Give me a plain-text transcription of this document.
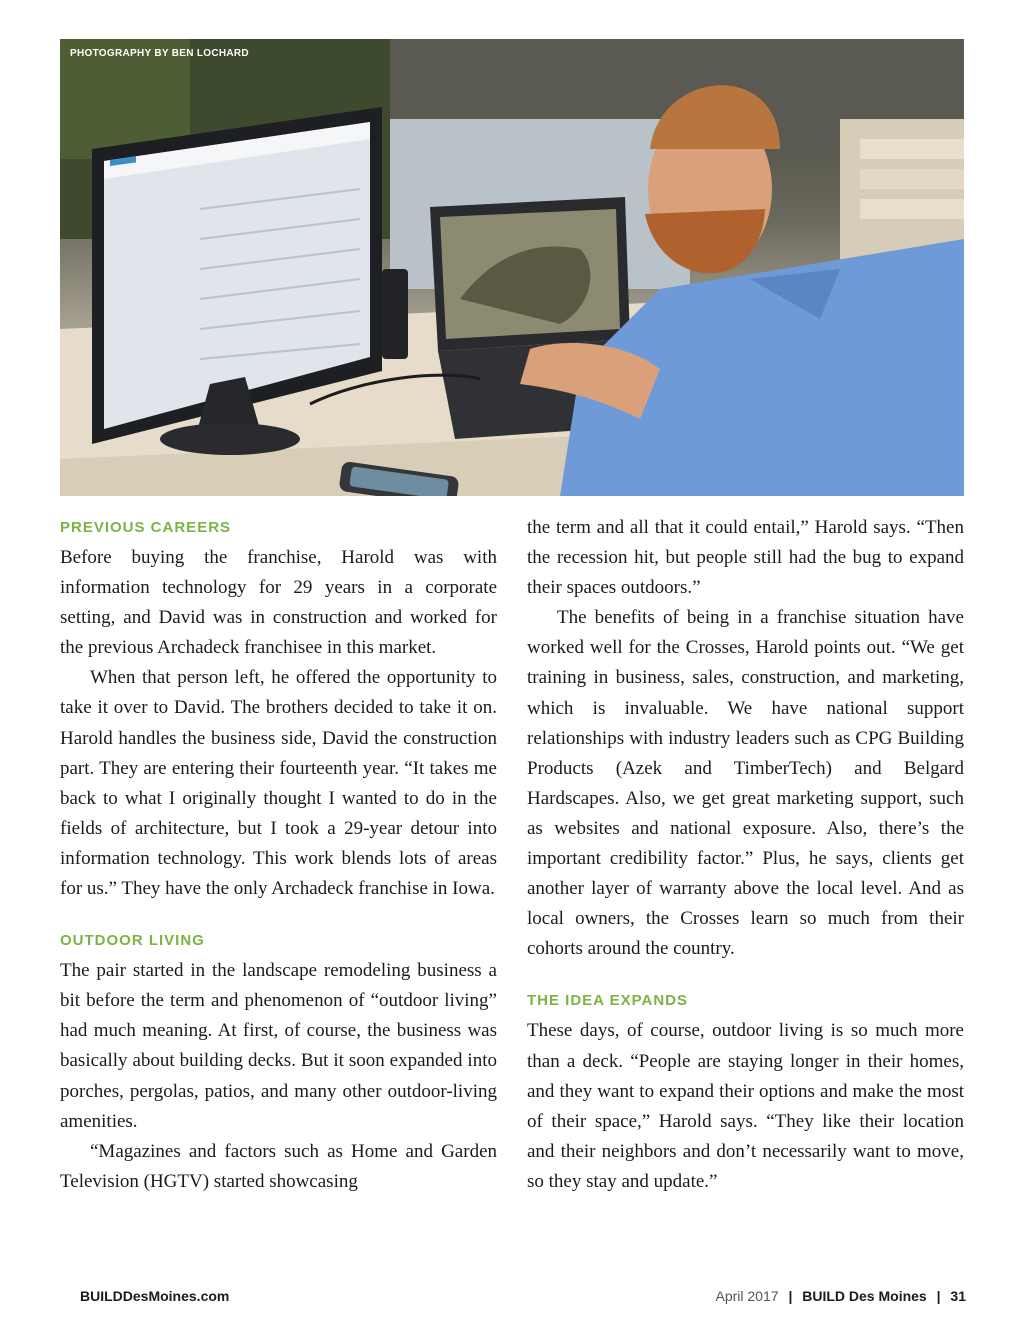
PHOTOGRAPHY BY BEN LOCHARD
PREVIOUS CAREERS

Before buying the franchise, Harold was with information technology for 29 years in a corporate setting, and David was in construction and worked for the previous Archadeck franchisee in this market.

When that person left, he offered the opportunity to take it over to David. The brothers decided to take it on. Harold handles the business side, David the construction part. They are entering their fourteenth year. “It takes me back to what I originally thought I wanted to do in the fields of architecture, but I took a 29-year detour into information technology. This work blends lots of areas for us.” They have the only Archadeck franchise in Iowa.

OUTDOOR LIVING

The pair started in the landscape remodeling business a bit before the term and phenomenon of “outdoor living” had much meaning. At first, of course, the business was basically about building decks. But it soon expanded into porches, pergolas, patios, and many other outdoor-living amenities.

“Magazines and factors such as Home and Garden Television (HGTV) started showcasing

the term and all that it could entail,” Harold says. “Then the recession hit, but people still had the bug to expand their spaces outdoors.”

The benefits of being in a franchise situation have worked well for the Crosses, Harold points out. “We get training in business, sales, construction, and marketing, which is invaluable. We have national support relationships with industry leaders such as CPG Building Products (Azek and TimberTech) and Belgard Hardscapes. Also, we get great marketing support, such as websites and national exposure. Also, there’s the important credibility factor.” Plus, he says, clients get another layer of warranty above the local level. And as local owners, the Crosses learn so much from their cohorts around the country.

THE IDEA EXPANDS

These days, of course, outdoor living is so much more than a deck. “People are staying longer in their homes, and they want to expand their options and make the most of their space,” Harold says. “They like their location and their neighbors and don’t necessarily want to move, so they stay and update.”

BUILDDesMoines.com	April 2017 | BUILD Des Moines | 31
